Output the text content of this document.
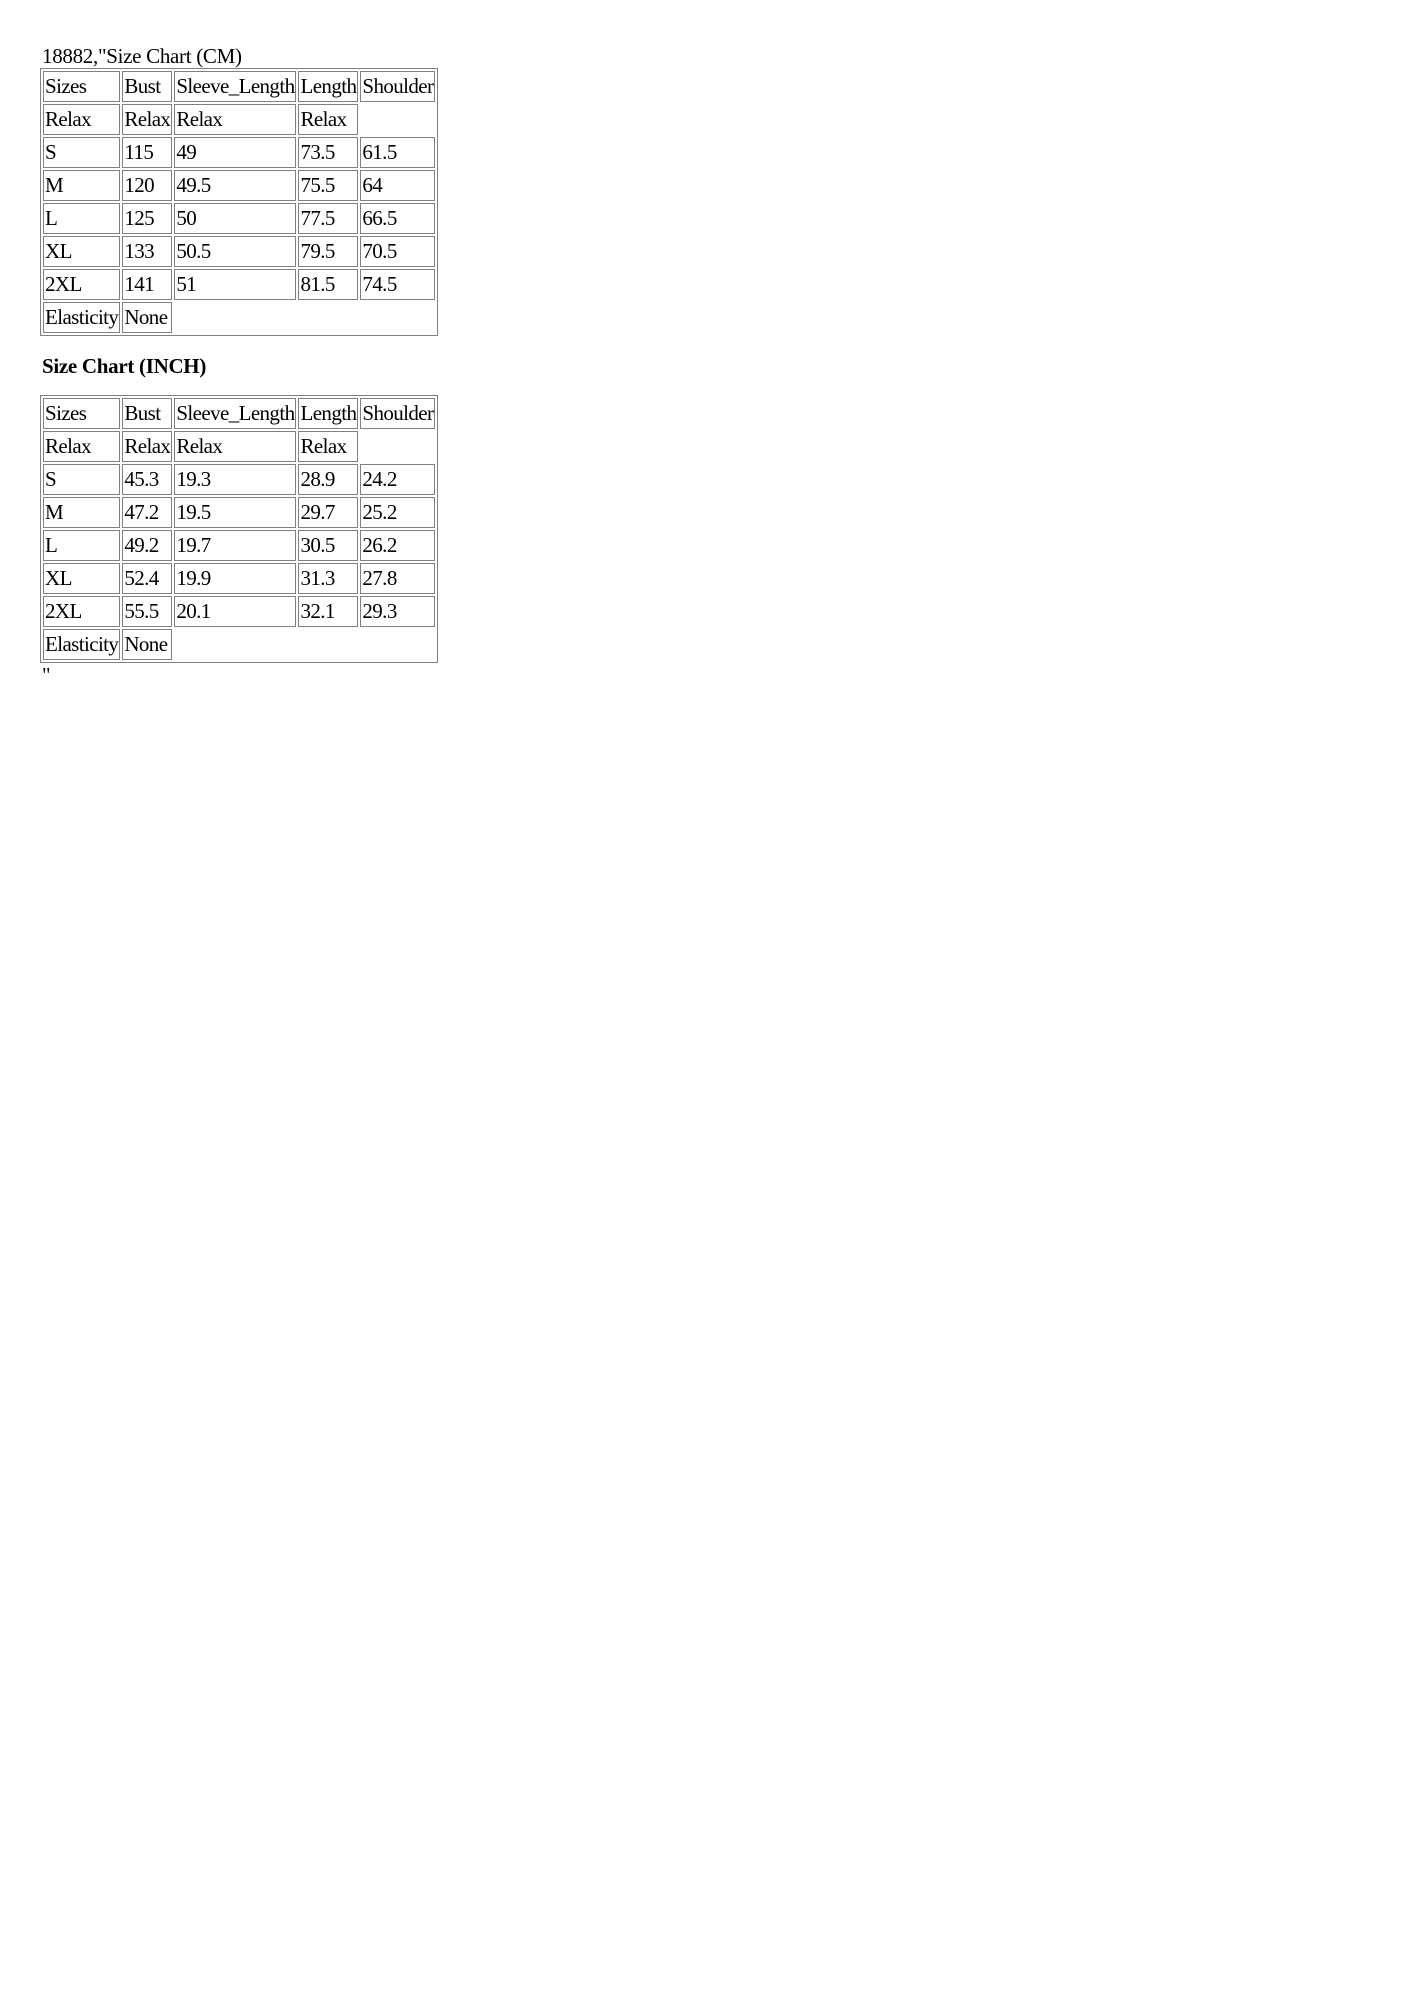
18882,"Size Chart (CM)

Sizes	Bust	Sleeve_Length	Length	Shoulder
Relax	Relax	Relax	Relax	
S	115	49	73.5	61.5
M	120	49.5	75.5	64
L	125	50	77.5	66.5
XL	133	50.5	79.5	70.5
2XL	141	51	81.5	74.5
Elasticity	None			

Size Chart (INCH)

Sizes	Bust	Sleeve_Length	Length	Shoulder
Relax	Relax	Relax	Relax	
S	45.3	19.3	28.9	24.2
M	47.2	19.5	29.7	25.2
L	49.2	19.7	30.5	26.2
XL	52.4	19.9	31.3	27.8
2XL	55.5	20.1	32.1	29.3
Elasticity	None			
"
